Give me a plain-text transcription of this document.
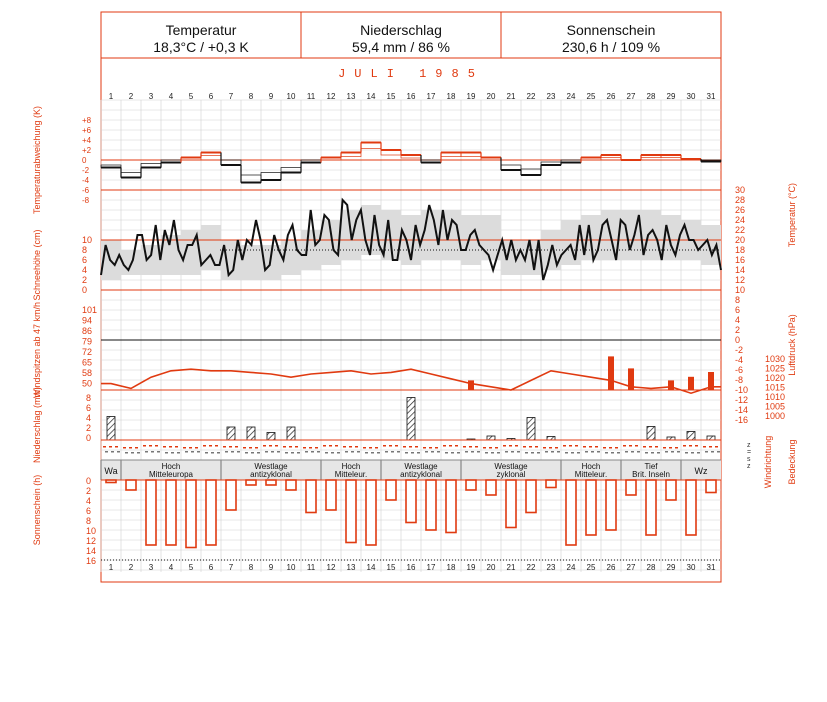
JULI 1985
1
1
2
2
3
3
4
4
5
5
6
6
7
7
8
8
9
9
10
10
11
11
12
12
13
13
14
14
15
15
16
16
17
17
18
18
19
19
20
20
21
21
22
22
23
23
24
24
25
25
26
26
27
27
28
28
29
29
30
30
31
31
+8
+6
+4
+2
0
-2
-4
-6
-8
30
28
26
24
22
20
18
16
14
12
10
8
6
4
2
0
-2
-4
-6
-8
-10
-12
-14
-16
10
8
6
4
2
0
101
94
86
79
72
65
58
50
1030
1025
1020
1015
1010
1005
1000
8
6
4
2
0
z
=
s
z
Wa	Hoch
Mitteleuropa
Westlage
antizyklonal
Hoch
Mitteleur.
Westlage
antizyklonal
Westlage
zyklonal
Hoch
Mitteleur.
Tief
Brit. Inseln	Wz
0
2
4
6
8
10
12
14
16
Temperaturabweichung (K)
Schneehöhe (cm)
Windspitzen ab 47 km/h
Niederschlag (mm)
Sonnenschein (h)
Temperatur (°C)
Luftdruck (hPa)
Windrichtung Bedeckung
Temperatur
18,3°C / +0,3 K
Niederschlag
59,4 mm / 86 %
Sonnenschein
230,6 h / 109 %
